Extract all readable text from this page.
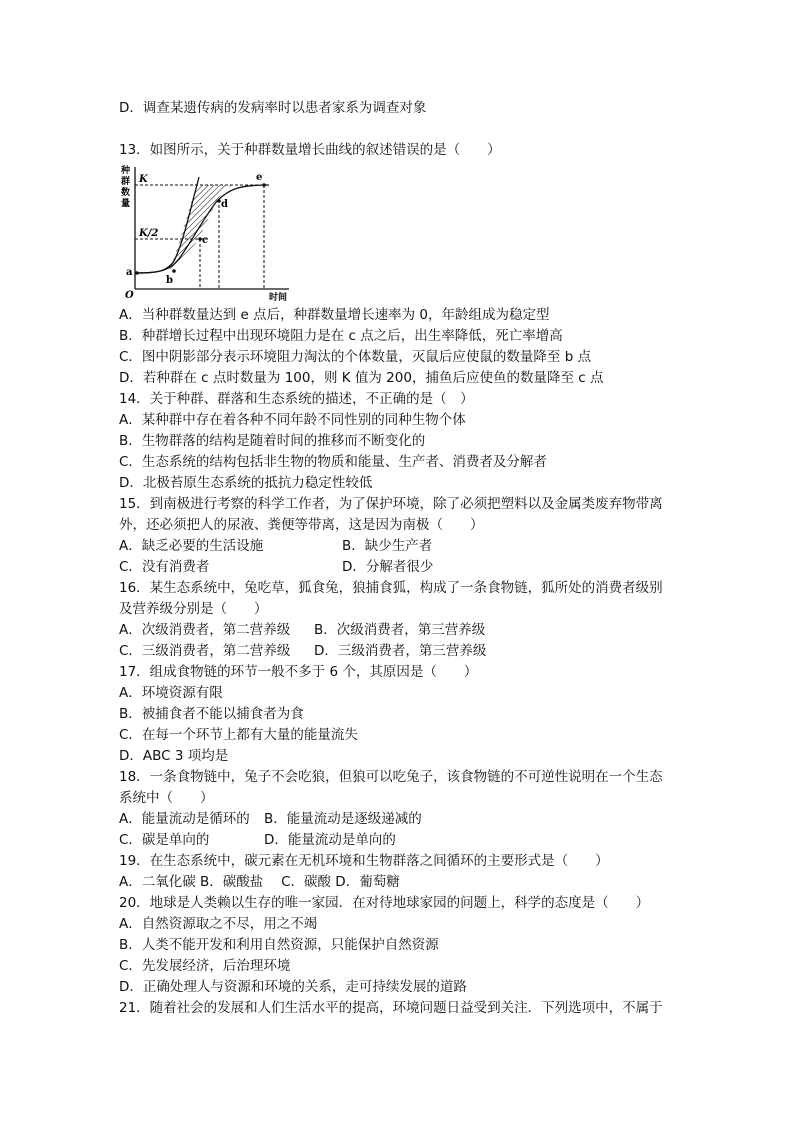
D．调查某遗传病的发病率时以患者家系为调查对象
13．如图所示，关于种群数量增长曲线的叙述错误的是（　　）
种群数量
K
K/2
a
b
c
d
e
O	时间
A．当种群数量达到 e 点后，种群数量增长速率为 0，年龄组成为稳定型
B．种群增长过程中出现环境阻力是在 c 点之后，出生率降低，死亡率增高
C．图中阴影部分表示环境阻力淘汰的个体数量，灭鼠后应使鼠的数量降至 b 点
D．若种群在 c 点时数量为 100，则 K 值为 200，捕鱼后应使鱼的数量降至 c 点
14．关于种群、群落和生态系统的描述，不正确的是（　）
A．某种群中存在着各种不同年龄不同性别的同种生物个体
B．生物群落的结构是随着时间的推移而不断变化的
C．生态系统的结构包括非生物的物质和能量、生产者、消费者及分解者
D．北极苔原生态系统的抵抗力稳定性较低
15．到南极进行考察的科学工作者，为了保护环境，除了必须把塑料以及金属类废弃物带离
外，还必须把人的尿液、粪便等带离，这是因为南极（　　）
A．缺乏必要的生活设施	B．缺少生产者
C．没有消费者	D．分解者很少
16．某生态系统中，兔吃草，狐食兔，狼捕食狐，构成了一条食物链，狐所处的消费者级别
及营养级分别是（　　）
A．次级消费者，第二营养级 B．次级消费者，第三营养级
C．三级消费者，第二营养级 D．三级消费者，第三营养级
17．组成食物链的环节一般不多于 6 个，其原因是（　　）
A．环境资源有限
B．被捕食者不能以捕食者为食
C．在每一个环节上都有大量的能量流失
D．ABC 3 项均是
18．一条食物链中，兔子不会吃狼，但狼可以吃兔子，该食物链的不可逆性说明在一个生态
系统中（　　）
A．能量流动是循环的 B．能量流动是逐级递减的
C．碳是单向的	D．能量流动是单向的
19．在生态系统中，碳元素在无机环境和生物群落之间循环的主要形式是（　　）
A．二氧化碳 B．碳酸盐　 C．碳酸 D．葡萄糖
20．地球是人类赖以生存的唯一家园．在对待地球家园的问题上，科学的态度是（　　）
A．自然资源取之不尽，用之不竭
B．人类不能开发和利用自然资源，只能保护自然资源
C．先发展经济，后治理环境
D．正确处理人与资源和环境的关系，走可持续发展的道路
21．随着社会的发展和人们生活水平的提高，环境问题日益受到关注．下列选项中，不属于
